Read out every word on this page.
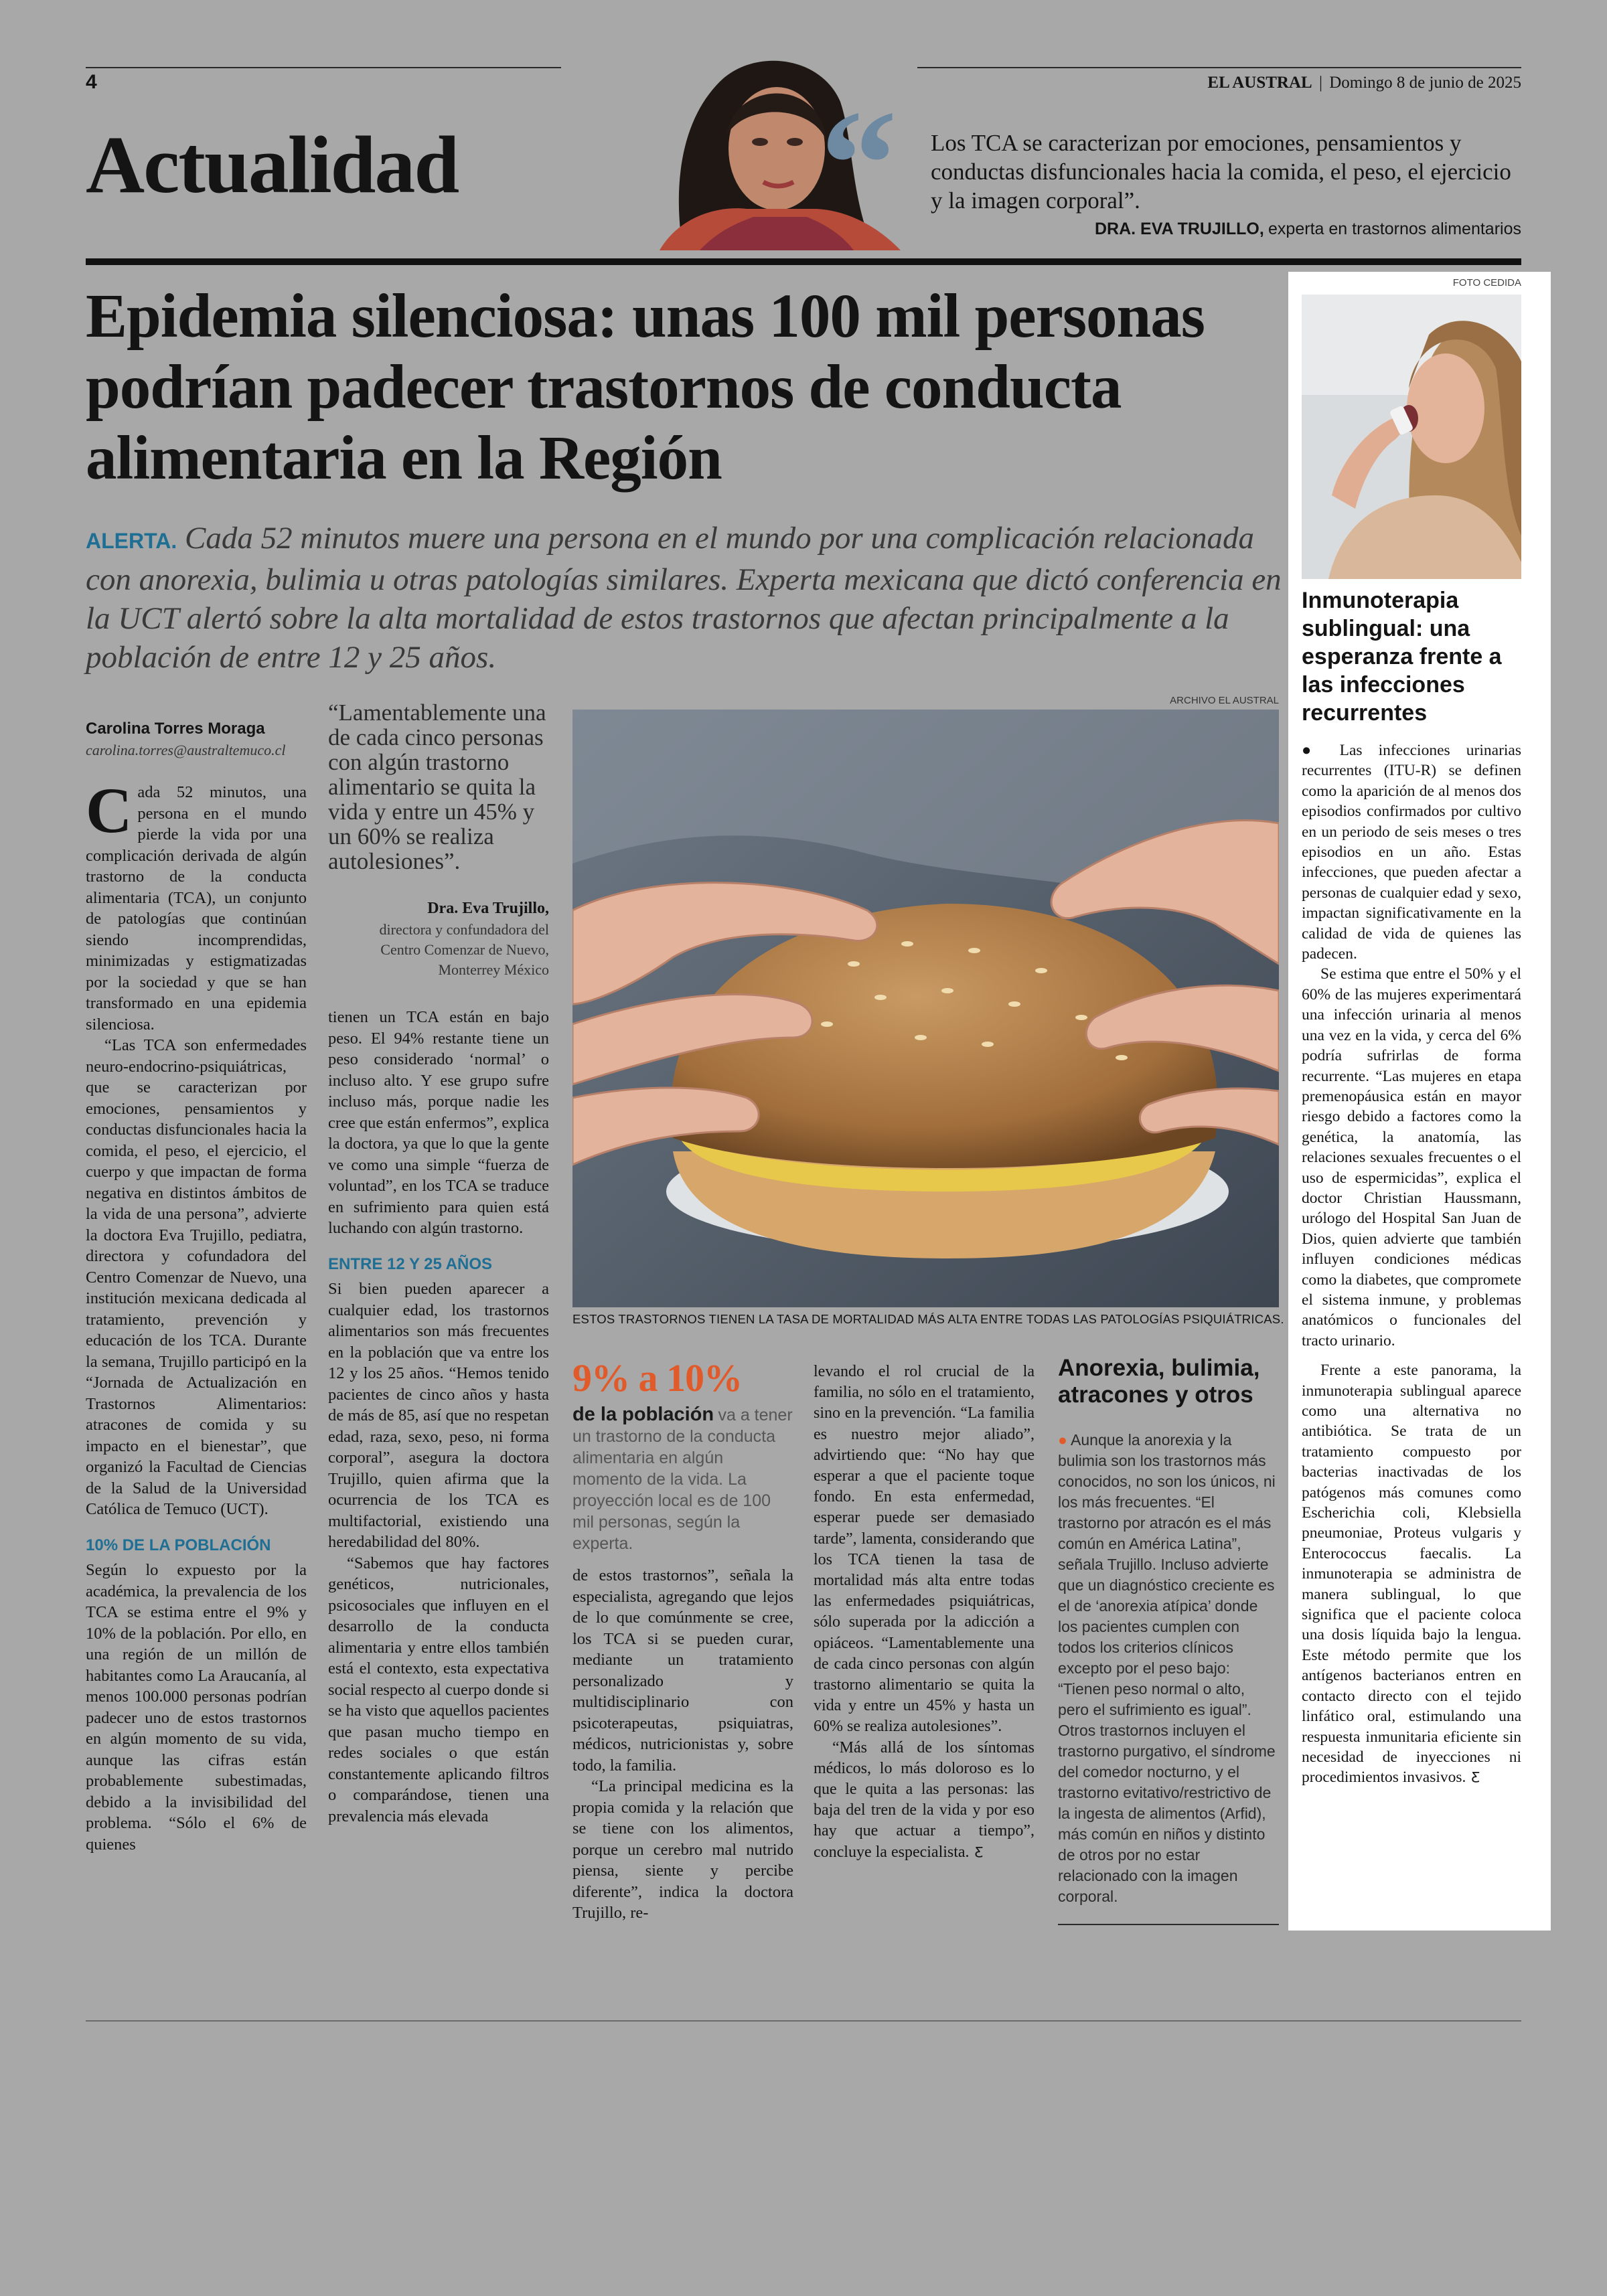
4	EL AUSTRAL | Domingo 8 de junio de 2025
Actualidad “ Los TCA se caracterizan por emociones, pensamientos y conductas disfuncionales hacia la comida, el peso, el ejercicio y la imagen corporal”.
DRA. EVA TRUJILLO, experta en trastornos alimentarios
Epidemia silenciosa: unas 100 mil personas podrían padecer trastornos de conducta alimentaria en la Región
ALERTA. Cada 52 minutos muere una persona en el mundo por una complicación relacionada con anorexia, bulimia u otras patologías similares. Experta mexicana que dictó conferencia en la UCT alertó sobre la alta mortalidad de estos trastornos que afectan principalmente a la población de entre 12 y 25 años.
Carolina Torres Moraga
carolina.torres@australtemuco.cl

Cada 52 minutos, una persona en el mundo pierde la vida por una complicación derivada de algún trastorno de la conducta alimentaria (TCA), un conjunto de patologías que continúan siendo incomprendidas, minimizadas y estigmatizadas por la sociedad y que se han transformado en una epidemia silenciosa.

“Las TCA son enfermedades neuro-endocrino-psiquiátricas, que se caracterizan por emociones, pensamientos y conductas disfuncionales hacia la comida, el peso, el ejercicio, el cuerpo y que impactan de forma negativa en distintos ámbitos de la vida de una persona”, advierte la doctora Eva Trujillo, pediatra, directora y cofundadora del Centro Comenzar de Nuevo, una institución mexicana dedicada al tratamiento, prevención y educación de los TCA. Durante la semana, Trujillo participó en la “Jornada de Actualización en Trastornos Alimentarios: atracones de comida y su impacto en el bienestar”, que organizó la Facultad de Ciencias de la Salud de la Universidad Católica de Temuco (UCT).

10% DE LA POBLACIÓN

Según lo expuesto por la académica, la prevalencia de los TCA se estima entre el 9% y 10% de la población. Por ello, en una región de un millón de habitantes como La Araucanía, al menos 100.000 personas podrían padecer uno de estos trastornos en algún momento de su vida, aunque las cifras están probablemente subestimadas, debido a la invisibilidad del problema. “Sólo el 6% de quienes

“Lamentablemente una de cada cinco personas con algún trastorno alimentario se quita la vida y entre un 45% y un 60% se realiza autolesiones”.
Dra. Eva Trujillo,
directora y confundadora del Centro Comenzar de Nuevo, Monterrey México

tienen un TCA están en bajo peso. El 94% restante tiene un peso considerado ‘normal’ o incluso alto. Y ese grupo sufre incluso más, porque nadie les cree que están enfermos”, explica la doctora, ya que lo que la gente ve como una simple “fuerza de voluntad”, en los TCA se traduce en sufrimiento para quien está luchando con algún trastorno.

ENTRE 12 Y 25 AÑOS

Si bien pueden aparecer a cualquier edad, los trastornos alimentarios son más frecuentes en la población que va entre los 12 y los 25 años. “Hemos tenido pacientes de cinco años y hasta de más de 85, así que no respetan edad, raza, sexo, peso, ni forma corporal”, asegura la doctora Trujillo, quien afirma que la ocurrencia de los TCA es multifactorial, existiendo una heredabilidad del 80%.

“Sabemos que hay factores genéticos, nutricionales, psicosociales que influyen en el desarrollo de la conducta alimentaria y entre ellos también está el contexto, esta expectativa social respecto al cuerpo donde si se ha visto que aquellos pacientes que pasan mucho tiempo en redes sociales o que están constantemente aplicando filtros o comparándose, tienen una prevalencia más elevada

ARCHIVO EL AUSTRAL
ESTOS TRASTORNOS TIENEN LA TASA DE MORTALIDAD MÁS ALTA ENTRE TODAS LAS PATOLOGÍAS PSIQUIÁTRICAS.
9% a 10%
de la población va a tener un trastorno de la conducta alimentaria en algún momento de la vida. La proyección local es de 100 mil personas, según la experta.

de estos trastornos”, señala la especialista, agregando que lejos de lo que comúnmente se cree, los TCA si se pueden curar, mediante un tratamiento personalizado y multidisciplinario con psicoterapeutas, psiquiatras, médicos, nutricionistas y, sobre todo, la familia.

“La principal medicina es la propia comida y la relación que se tiene con los alimentos, porque un cerebro mal nutrido piensa, siente y percibe diferente”, indica la doctora Trujillo, re-

levando el rol crucial de la familia, no sólo en el tratamiento, sino en la prevención. “La familia es nuestro mejor aliado”, advirtiendo que: “No hay que esperar a que el paciente toque fondo. En esta enfermedad, esperar puede ser demasiado tarde”, lamenta, considerando que los TCA tienen la tasa de mortalidad más alta entre todas las enfermedades psiquiátricas, sólo superada por la adicción a opiáceos. “Lamentablemente una de cada cinco personas con algún trastorno alimentario se quita la vida y entre un 45% y hasta un 60% se realiza autolesiones”.

“Más allá de los síntomas médicos, lo más doloroso es lo que le quita a las personas: las baja del tren de la vida y por eso hay que actuar a tiempo”, concluye la especialista. Ƹ

Anorexia, bulimia, atracones y otros
● Aunque la anorexia y la bulimia son los trastornos más conocidos, no son los únicos, ni los más frecuentes. “El trastorno por atracón es el más común en América Latina”, señala Trujillo. Incluso advierte que un diagnóstico creciente es el de ‘anorexia atípica’ donde los pacientes cumplen con todos los criterios clínicos excepto por el peso bajo: “Tienen peso normal o alto, pero el sufrimiento es igual”. Otros trastornos incluyen el trastorno purgativo, el síndrome del comedor nocturno, y el trastorno evitativo/restrictivo de la ingesta de alimentos (Arfid), más común en niños y distinto de otros por no estar relacionado con la imagen corporal.
FOTO CEDIDA
Inmunoterapia sublingual: una esperanza frente a las infecciones recurrentes

● Las infecciones urinarias recurrentes (ITU-R) se definen como la aparición de al menos dos episodios confirmados por cultivo en un periodo de seis meses o tres episodios en un año. Estas infecciones, que pueden afectar a personas de cualquier edad y sexo, impactan significativamente en la calidad de vida de quienes las padecen.

Se estima que entre el 50% y el 60% de las mujeres experimentará una infección urinaria al menos una vez en la vida, y cerca del 6% podría sufrirlas de forma recurrente. “Las mujeres en etapa premenopáusica están en mayor riesgo debido a factores como la genética, la anatomía, las relaciones sexuales frecuentes o el uso de espermicidas”, explica el doctor Christian Haussmann, urólogo del Hospital San Juan de Dios, quien advierte que también influyen condiciones médicas como la diabetes, que compromete el sistema inmune, y problemas anatómicos o funcionales del tracto urinario.

Frente a este panorama, la inmunoterapia sublingual aparece como una alternativa no antibiótica. Se trata de un tratamiento compuesto por bacterias inactivadas de los patógenos más comunes como Escherichia coli, Klebsiella pneumoniae, Proteus vulgaris y Enterococcus faecalis. La inmunoterapia se administra de manera sublingual, lo que significa que el paciente coloca una dosis líquida bajo la lengua. Este método permite que los antígenos bacterianos entren en contacto directo con el tejido linfático oral, estimulando una respuesta inmunitaria eficiente sin necesidad de inyecciones ni procedimientos invasivos. Ƹ
